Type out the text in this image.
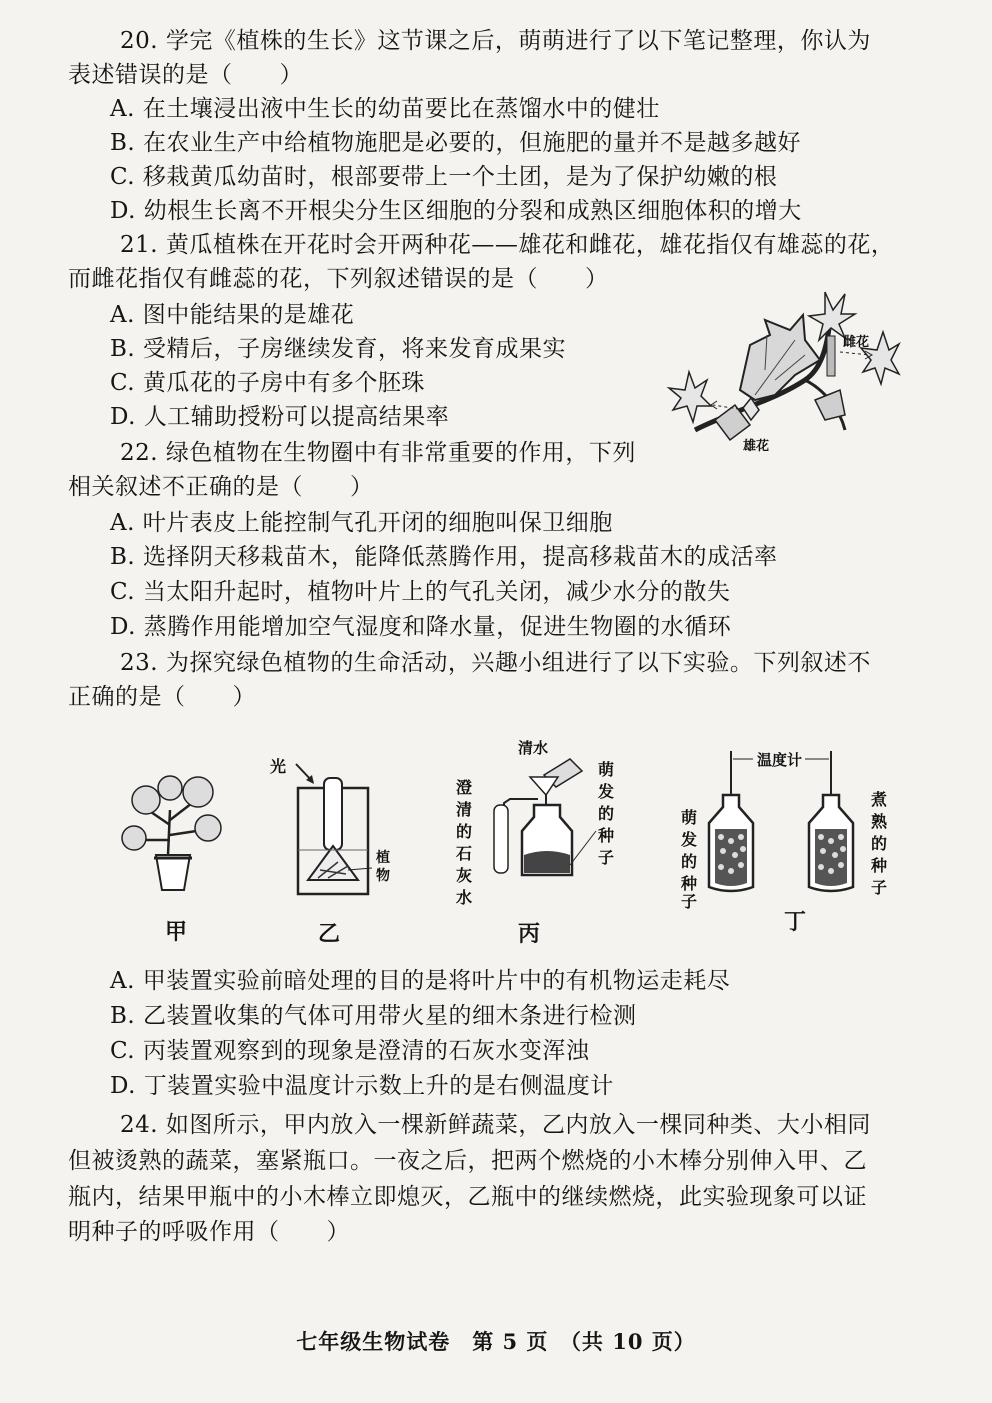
20. 学完《植株的生长》这节课之后，萌萌进行了以下笔记整理，你认为
表述错误的是（　　）
A. 在土壤浸出液中生长的幼苗要比在蒸馏水中的健壮
B. 在农业生产中给植物施肥是必要的，但施肥的量并不是越多越好
C. 移栽黄瓜幼苗时，根部要带上一个土团，是为了保护幼嫩的根
D. 幼根生长离不开根尖分生区细胞的分裂和成熟区细胞体积的增大
21. 黄瓜植株在开花时会开两种花——雄花和雌花，雄花指仅有雄蕊的花，
而雌花指仅有雌蕊的花，下列叙述错误的是（　　）
A. 图中能结果的是雄花
B. 受精后，子房继续发育，将来发育成果实
C. 黄瓜花的子房中有多个胚珠
D. 人工辅助授粉可以提高结果率
雌花
雄花
22. 绿色植物在生物圈中有非常重要的作用，下列
相关叙述不正确的是（　　）
A. 叶片表皮上能控制气孔开闭的细胞叫保卫细胞
B. 选择阴天移栽苗木，能降低蒸腾作用，提高移栽苗木的成活率
C. 当太阳升起时，植物叶片上的气孔关闭，减少水分的散失
D. 蒸腾作用能增加空气湿度和降水量，促进生物圈的水循环
23. 为探究绿色植物的生命活动，兴趣小组进行了以下实验。下列叙述不
正确的是（　　）
甲
光
植
物
乙
清水
澄
清
的
石
灰
水
萌
发
的
种
子
丙
温度计
萌
发
的
种
子
煮
熟
的
种
子
丁
A. 甲装置实验前暗处理的目的是将叶片中的有机物运走耗尽
B. 乙装置收集的气体可用带火星的细木条进行检测
C. 丙装置观察到的现象是澄清的石灰水变浑浊
D. 丁装置实验中温度计示数上升的是右侧温度计
24. 如图所示，甲内放入一棵新鲜蔬菜，乙内放入一棵同种类、大小相同
但被烫熟的蔬菜，塞紧瓶口。一夜之后，把两个燃烧的小木棒分别伸入甲、乙
瓶内，结果甲瓶中的小木棒立即熄灭，乙瓶中的继续燃烧，此实验现象可以证
明种子的呼吸作用（　　）
七年级生物试卷　第 5 页　（共 10 页）
